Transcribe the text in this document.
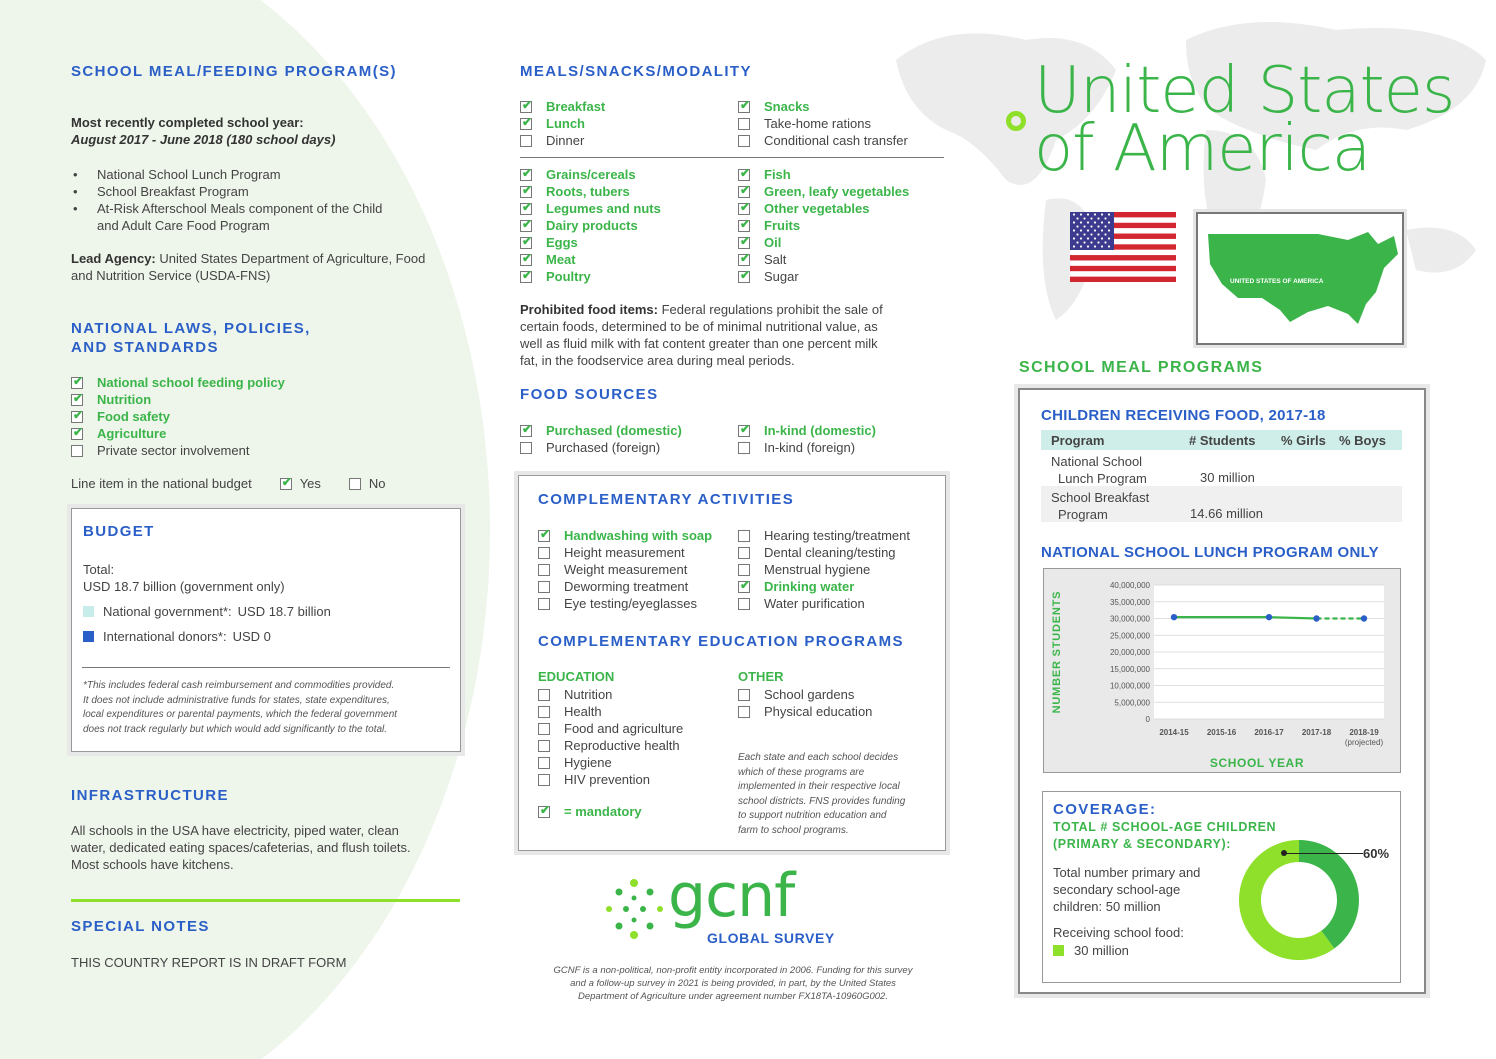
SCHOOL MEAL/FEEDING PROGRAM(S)
Most recently completed school year:
August 2017 - June 2018 (180 school days)
•	National School Lunch Program
•	School Breakfast Program
•	At-Risk Afterschool Meals component of the Child
and Adult Care Food Program
Lead Agency: United States Department of Agriculture, Food
and Nutrition Service (USDA-FNS)
NATIONAL LAWS, POLICIES,
AND STANDARDS
✔
National school feeding policy
✔
Nutrition
✔
Food safety
✔
Agriculture
Private sector involvement
Line item in the national budget
✔	Yes	No
BUDGET
Total:
USD 18.7 billion (government only)
National government*: USD 18.7 billion
International donors*: USD 0
*This includes federal cash reimbursement and commodities provided.
It does not include administrative funds for states, state expenditures,
local expenditures or parental payments, which the federal government
does not track regularly but which would add significantly to the total.
INFRASTRUCTURE
All schools in the USA have electricity, piped water, clean
water, dedicated eating spaces/cafeterias, and flush toilets.
Most schools have kitchens.
SPECIAL NOTES
THIS COUNTRY REPORT IS IN DRAFT FORM
MEALS/SNACKS/MODALITY
✔
Breakfast
✔
Lunch
Dinner
✔
Snacks
Take-home rations
Conditional cash transfer
✔
Grains/cereals
✔
Roots, tubers
✔
Legumes and nuts
✔
Dairy products
✔
Eggs
✔
Meat
✔
Poultry
✔
Fish
✔
Green, leafy vegetables
✔
Other vegetables
✔
Fruits
✔
Oil
✔
Salt
✔
Sugar
Prohibited food items: Federal regulations prohibit the sale of
certain foods, determined to be of minimal nutritional value, as
well as fluid milk with fat content greater than one percent milk
fat, in the foodservice area during meal periods.
FOOD SOURCES
✔
Purchased (domestic)
Purchased (foreign)
✔
In-kind (domestic)
In-kind (foreign)
COMPLEMENTARY ACTIVITIES
✔
Handwashing with soap
Height measurement
Weight measurement
Deworming treatment
Eye testing/eyeglasses
Hearing testing/treatment
Dental cleaning/testing
Menstrual hygiene
✔
Drinking water
Water purification
COMPLEMENTARY EDUCATION PROGRAMS
EDUCATION	OTHER
Nutrition
Health
Food and agriculture
Reproductive health
Hygiene
HIV prevention
School gardens
Physical education
Each state and each school decides
which of these programs are
implemented in their respective local
school districts. FNS provides funding
to support nutrition education and
farm to school programs.
✔
= mandatory
gcnf
GLOBAL SURVEY
GCNF is a non-political, non-profit entity incorporated in 2006. Funding for this survey
and a follow-up survey in 2021 is being provided, in part, by the United States
Department of Agriculture under agreement number FX18TA-10960G002.
United States
of America
UNITED STATES OF AMERICA
SCHOOL MEAL PROGRAMS
CHILDREN RECEIVING FOOD, 2017-18
Program	# Students	% Girls	% Boys
National School
Lunch Program	30 million
School Breakfast
Program	14.66 million
NATIONAL SCHOOL LUNCH PROGRAM ONLY
0
5,000,000
10,000,000
15,000,000
20,000,000
25,000,000
30,000,000
35,000,000
40,000,000
2014-15 2015-16 2016-17 2017-18 2018-19
(projected)
NUMBER STUDENTS
SCHOOL YEAR
COVERAGE:
TOTAL # SCHOOL-AGE CHILDREN
(PRIMARY & SECONDARY):
Total number primary and
secondary school-age
children: 50 million
Receiving school food:
30 million
60%
